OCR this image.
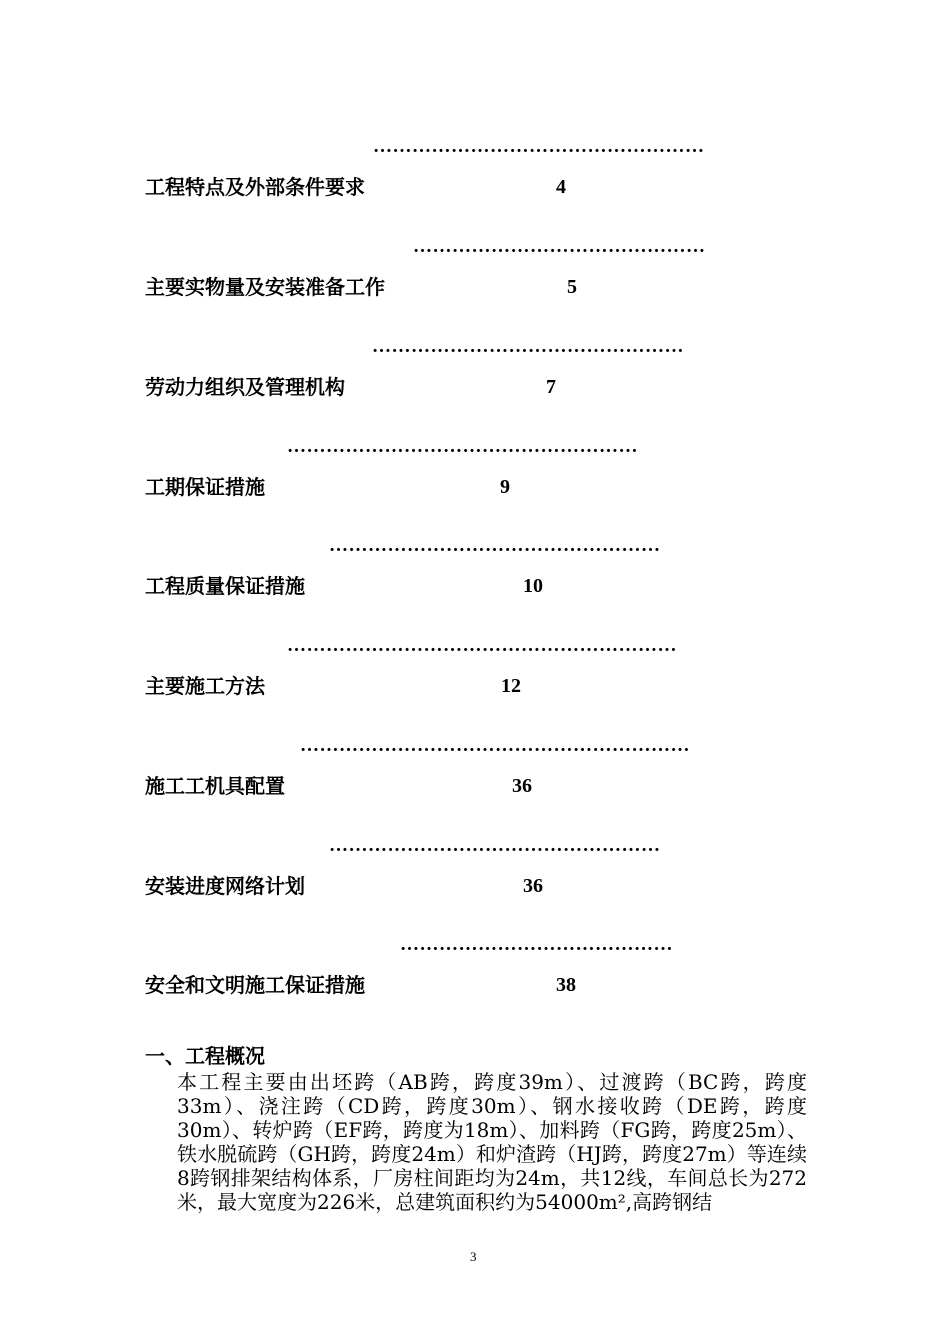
……………………………………………
工程特点及外部条件要求	4
………………………………………
主要实物量及安装准备工作	5
…………………………………………
劳动力组织及管理机构	7
………………………………………………
工期保证措施	9
……………………………………………
工程质量保证措施	10
……………………………………………………
主要施工方法	12
……………………………………………………
施工工机具配置	36
……………………………………………
安装进度网络计划	36
……………………………………
安全和文明施工保证措施	38
一、工程概况
本工程主要由出坯跨（AB跨，跨度39m）、过渡跨（BC跨，跨度33m）、浇注跨（CD跨，跨度30m）、钢水接收跨（DE跨，跨度30m）、转炉跨（EF跨，跨度为18m）、加料跨（FG跨，跨度25m）、铁水脱硫跨（GH跨，跨度24m）和炉渣跨（HJ跨，跨度27m）等连续8跨钢排架结构体系，厂房柱间距均为24m，共12线，车间总长为272米，最大宽度为226米，总建筑面积约为54000m²,高跨钢结
3
